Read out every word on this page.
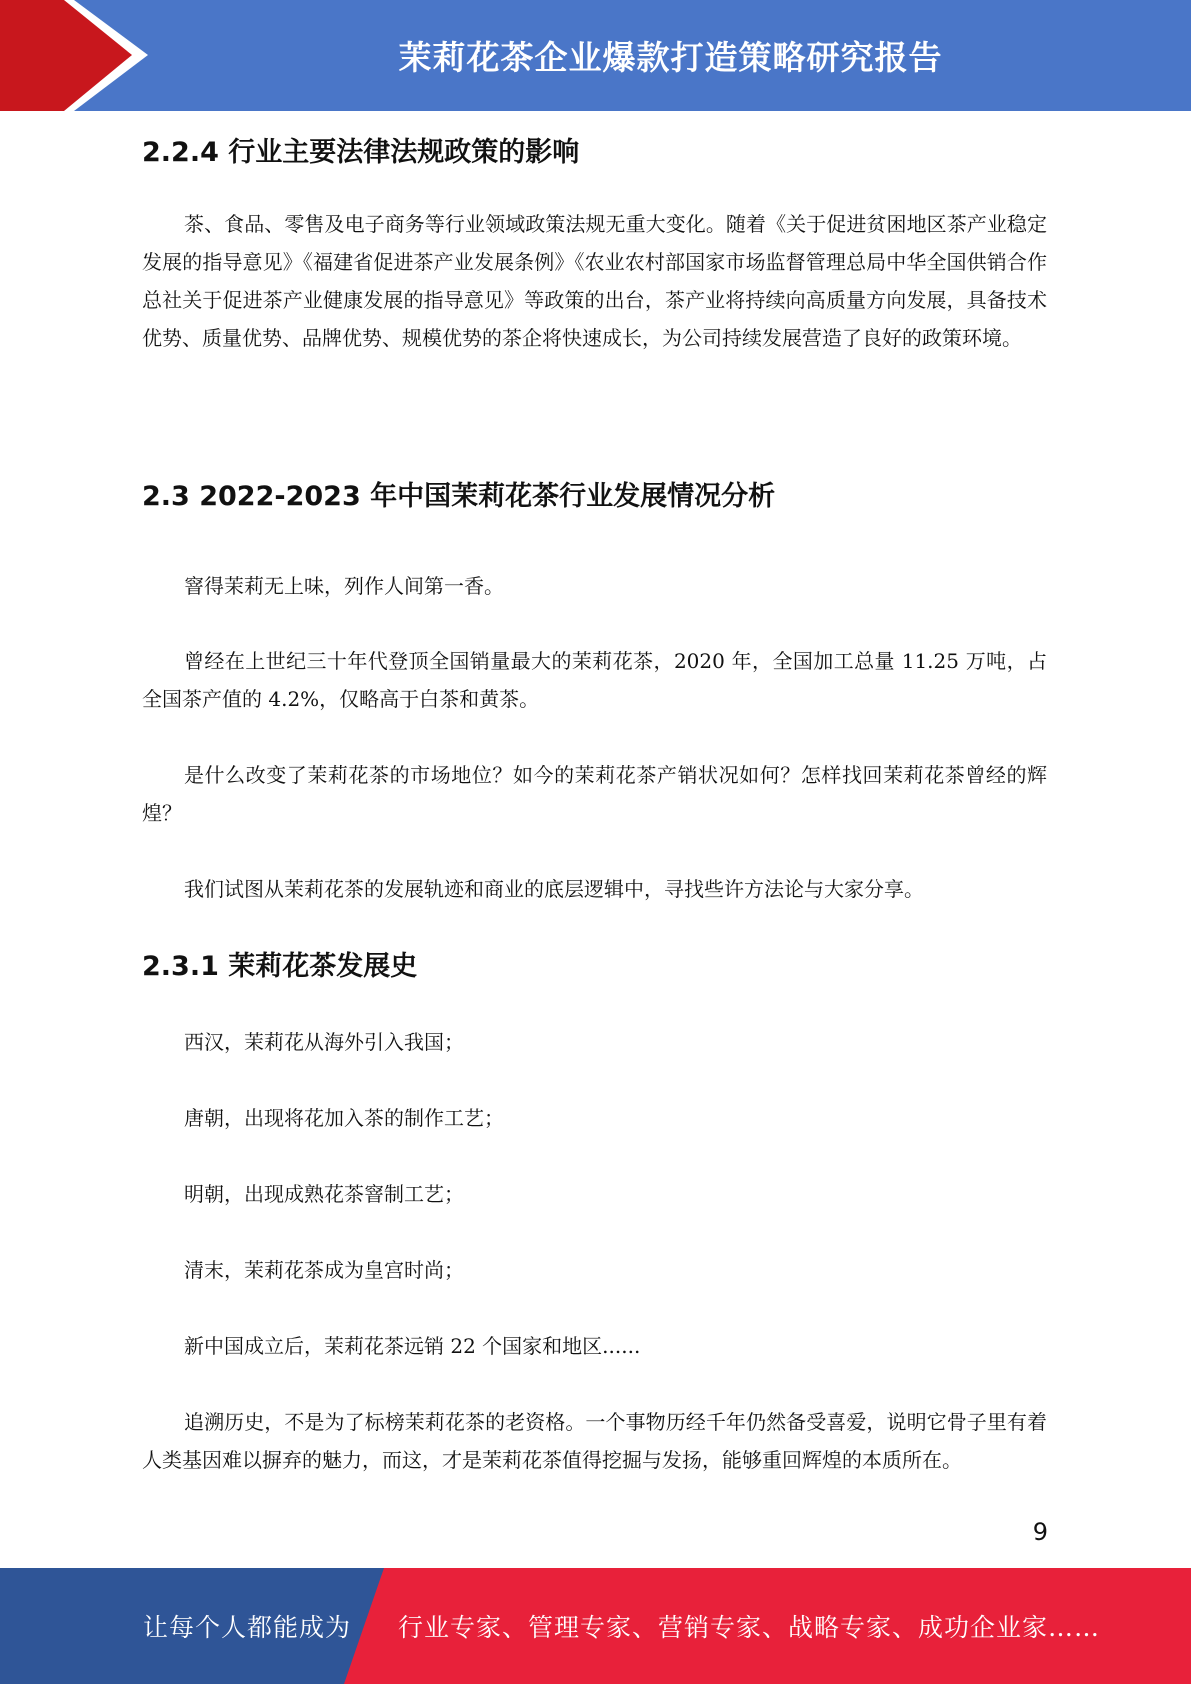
茉莉花茶企业爆款打造策略研究报告
2.2.4 行业主要法律法规政策的影响
茶、食品、零售及电子商务等行业领域政策法规无重大变化。随着《关于促进贫困地区茶产业稳定发展的指导意见》《福建省促进茶产业发展条例》《农业农村部国家市场监督管理总局中华全国供销合作总社关于促进茶产业健康发展的指导意见》等政策的出台，茶产业将持续向高质量方向发展，具备技术优势、质量优势、品牌优势、规模优势的茶企将快速成长，为公司持续发展营造了良好的政策环境。
2.3 2022-2023 年中国茉莉花茶行业发展情况分析
窨得茉莉无上味，列作人间第一香。
曾经在上世纪三十年代登顶全国销量最大的茉莉花茶，2020 年，全国加工总量 11.25 万吨，占全国茶产值的 4.2%，仅略高于白茶和黄茶。
是什么改变了茉莉花茶的市场地位？如今的茉莉花茶产销状况如何？怎样找回茉莉花茶曾经的辉煌？
我们试图从茉莉花茶的发展轨迹和商业的底层逻辑中，寻找些许方法论与大家分享。
2.3.1 茉莉花茶发展史
西汉，茉莉花从海外引入我国；
唐朝，出现将花加入茶的制作工艺；
明朝，出现成熟花茶窨制工艺；
清末，茉莉花茶成为皇宫时尚；
新中国成立后，茉莉花茶远销 22 个国家和地区......
追溯历史，不是为了标榜茉莉花茶的老资格。一个事物历经千年仍然备受喜爱，说明它骨子里有着人类基因难以摒弃的魅力，而这，才是茉莉花茶值得挖掘与发扬，能够重回辉煌的本质所在。
9
让每个人都能成为 行业专家、管理专家、营销专家、战略专家、成功企业家……
